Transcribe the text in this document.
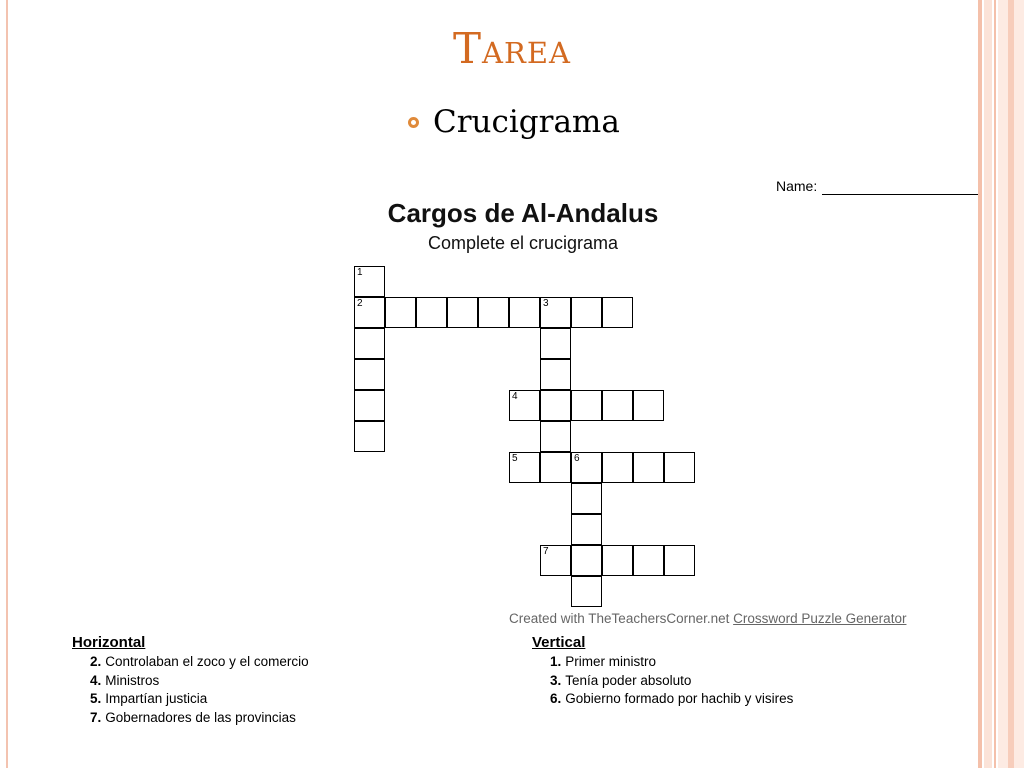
Tarea
Crucigrama
Cargos de Al-Andalus
Complete el crucigrama
Name:
1
2	3
4
5	6
7
Created with TheTeachersCorner.net Crossword Puzzle Generator
Horizontal
2. Controlaban el zoco y el comercio
4. Ministros
5. Impartían justicia
7. Gobernadores de las provincias
Vertical
1. Primer ministro
3. Tenía poder absoluto
6. Gobierno formado por hachib y visires
